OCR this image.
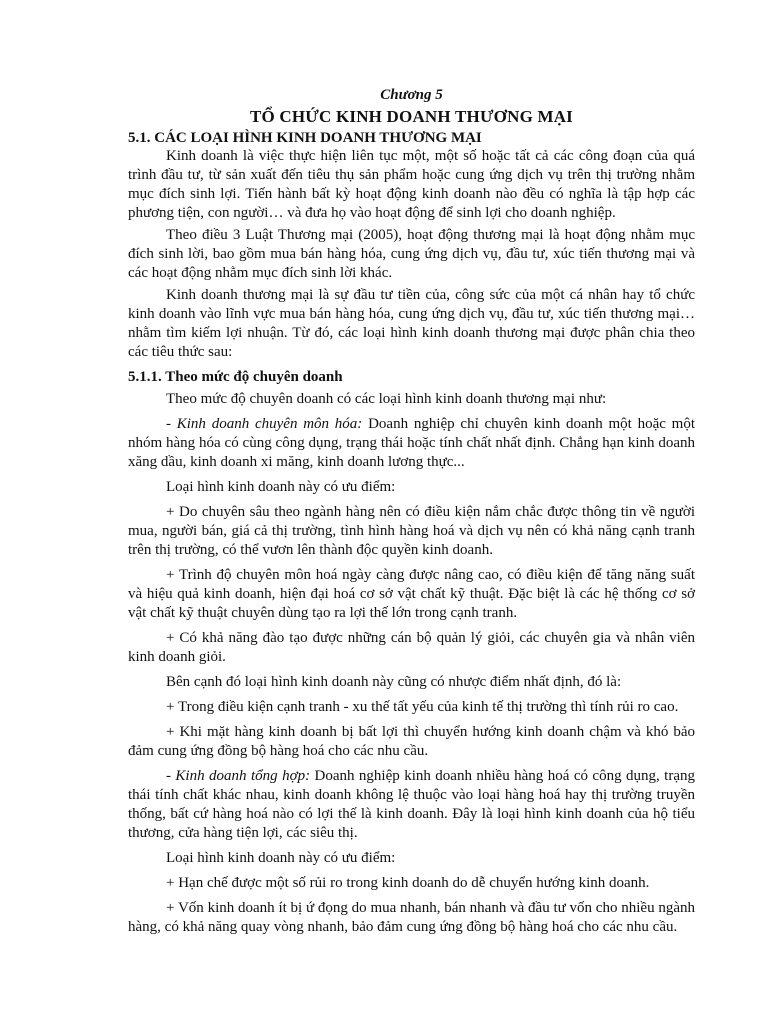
Chương 5
TỔ CHỨC KINH DOANH THƯƠNG MẠI
5.1. CÁC LOẠI HÌNH KINH DOANH THƯƠNG MẠI

Kinh doanh là việc thực hiện liên tục một, một số hoặc tất cả các công đoạn của quá trình đầu tư, từ sản xuất đến tiêu thụ sản phẩm hoặc cung ứng dịch vụ trên thị trường nhằm mục đích sinh lợi. Tiến hành bất kỳ hoạt động kinh doanh nào đều có nghĩa là tập hợp các phương tiện, con người… và đưa họ vào hoạt động để sinh lợi cho doanh nghiệp.

Theo điều 3 Luật Thương mại (2005), hoạt động thương mại là hoạt động nhằm mục đích sinh lời, bao gồm mua bán hàng hóa, cung ứng dịch vụ, đầu tư, xúc tiến thương mại và các hoạt động nhằm mục đích sinh lời khác.

Kinh doanh thương mại là sự đầu tư tiền của, công sức của một cá nhân hay tổ chức kinh doanh vào lĩnh vực mua bán hàng hóa, cung ứng dịch vụ, đầu tư, xúc tiến thương mại… nhằm tìm kiếm lợi nhuận. Từ đó, các loại hình kinh doanh thương mại được phân chia theo các tiêu thức sau:

5.1.1. Theo mức độ chuyên doanh

Theo mức độ chuyên doanh có các loại hình kinh doanh thương mại như:

- Kinh doanh chuyên môn hóa: Doanh nghiệp chỉ chuyên kinh doanh một hoặc một nhóm hàng hóa có cùng công dụng, trạng thái hoặc tính chất nhất định. Chẳng hạn kinh doanh xăng dầu, kinh doanh xi măng, kinh doanh lương thực...

Loại hình kinh doanh này có ưu điểm:

+ Do chuyên sâu theo ngành hàng nên có điều kiện nắm chắc được thông tin về người mua, người bán, giá cả thị trường, tình hình hàng hoá và dịch vụ nên có khả năng cạnh tranh trên thị trường, có thể vươn lên thành độc quyền kinh doanh.

+ Trình độ chuyên môn hoá ngày càng được nâng cao, có điều kiện để tăng năng suất và hiệu quả kinh doanh, hiện đại hoá cơ sở vật chất kỹ thuật. Đặc biệt là các hệ thống cơ sở vật chất kỹ thuật chuyên dùng tạo ra lợi thế lớn trong cạnh tranh.

+ Có khả năng đào tạo được những cán bộ quản lý giỏi, các chuyên gia và nhân viên kinh doanh giỏi.

Bên cạnh đó loại hình kinh doanh này cũng có nhược điểm nhất định, đó là:

+ Trong điều kiện cạnh tranh - xu thế tất yếu của kinh tế thị trường thì tính rủi ro cao.

+ Khi mặt hàng kinh doanh bị bất lợi thì chuyển hướng kinh doanh chậm và khó bảo đảm cung ứng đồng bộ hàng hoá cho các nhu cầu.

- Kinh doanh tổng hợp: Doanh nghiệp kinh doanh nhiều hàng hoá có công dụng, trạng thái tính chất khác nhau, kinh doanh không lệ thuộc vào loại hàng hoá hay thị trường truyền thống, bất cứ hàng hoá nào có lợi thế là kinh doanh. Đây là loại hình kinh doanh của hộ tiểu thương, cửa hàng tiện lợi, các siêu thị.

Loại hình kinh doanh này có ưu điểm:

+ Hạn chế được một số rủi ro trong kinh doanh do dễ chuyển hướng kinh doanh.

+ Vốn kinh doanh ít bị ứ đọng do mua nhanh, bán nhanh và đầu tư vốn cho nhiều ngành hàng, có khả năng quay vòng nhanh, bảo đảm cung ứng đồng bộ hàng hoá cho các nhu cầu.
